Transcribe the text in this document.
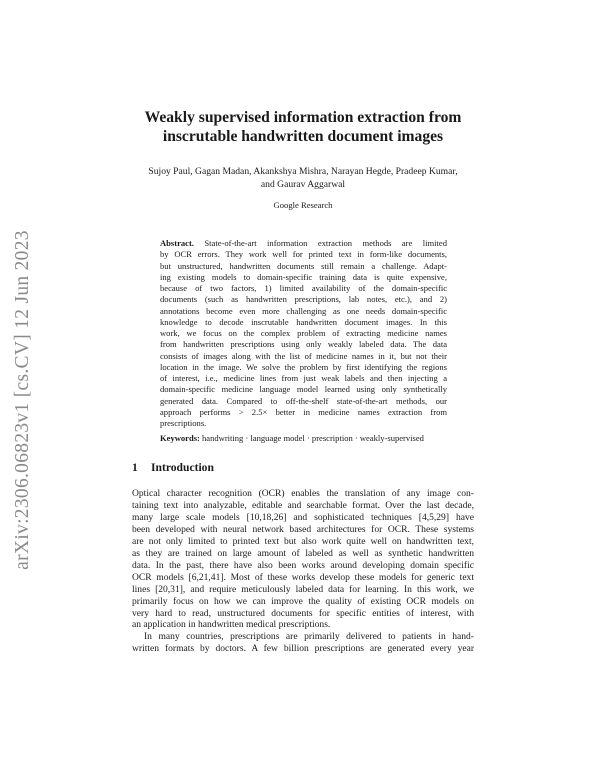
arXiv:2306.06823v1 [cs.CV] 12 Jun 2023
Weakly supervised information extraction from
inscrutable handwritten document images
Sujoy Paul, Gagan Madan, Akankshya Mishra, Narayan Hegde, Pradeep Kumar,
and Gaurav Aggarwal
Google Research
Abstract. State-of-the-art information extraction methods are limited
by OCR errors. They work well for printed text in form-like documents,
but unstructured, handwritten documents still remain a challenge. Adapt-
ing existing models to domain-specific training data is quite expensive,
because of two factors, 1) limited availability of the domain-specific
documents (such as handwritten prescriptions, lab notes, etc.), and 2)
annotations become even more challenging as one needs domain-specific
knowledge to decode inscrutable handwritten document images. In this
work, we focus on the complex problem of extracting medicine names
from handwritten prescriptions using only weakly labeled data. The data
consists of images along with the list of medicine names in it, but not their
location in the image. We solve the problem by first identifying the regions
of interest, i.e., medicine lines from just weak labels and then injecting a
domain-specific medicine language model learned using only synthetically
generated data. Compared to off-the-shelf state-of-the-art methods, our
approach performs > 2.5× better in medicine names extraction from
prescriptions.
Keywords: handwriting · language model · prescription · weakly-supervised
1 Introduction
Optical character recognition (OCR) enables the translation of any image con-
taining text into analyzable, editable and searchable format. Over the last decade,
many large scale models [10,18,26] and sophisticated techniques [4,5,29] have
been developed with neural network based architectures for OCR. These systems
are not only limited to printed text but also work quite well on handwritten text,
as they are trained on large amount of labeled as well as synthetic handwritten
data. In the past, there have also been works around developing domain specific
OCR models [6,21,41]. Most of these works develop these models for generic text
lines [20,31], and require meticulously labeled data for learning. In this work, we
primarily focus on how we can improve the quality of existing OCR models on
very hard to read, unstructured documents for specific entities of interest, with
an application in handwritten medical prescriptions.
In many countries, prescriptions are primarily delivered to patients in hand-
written formats by doctors. A few billion prescriptions are generated every year
